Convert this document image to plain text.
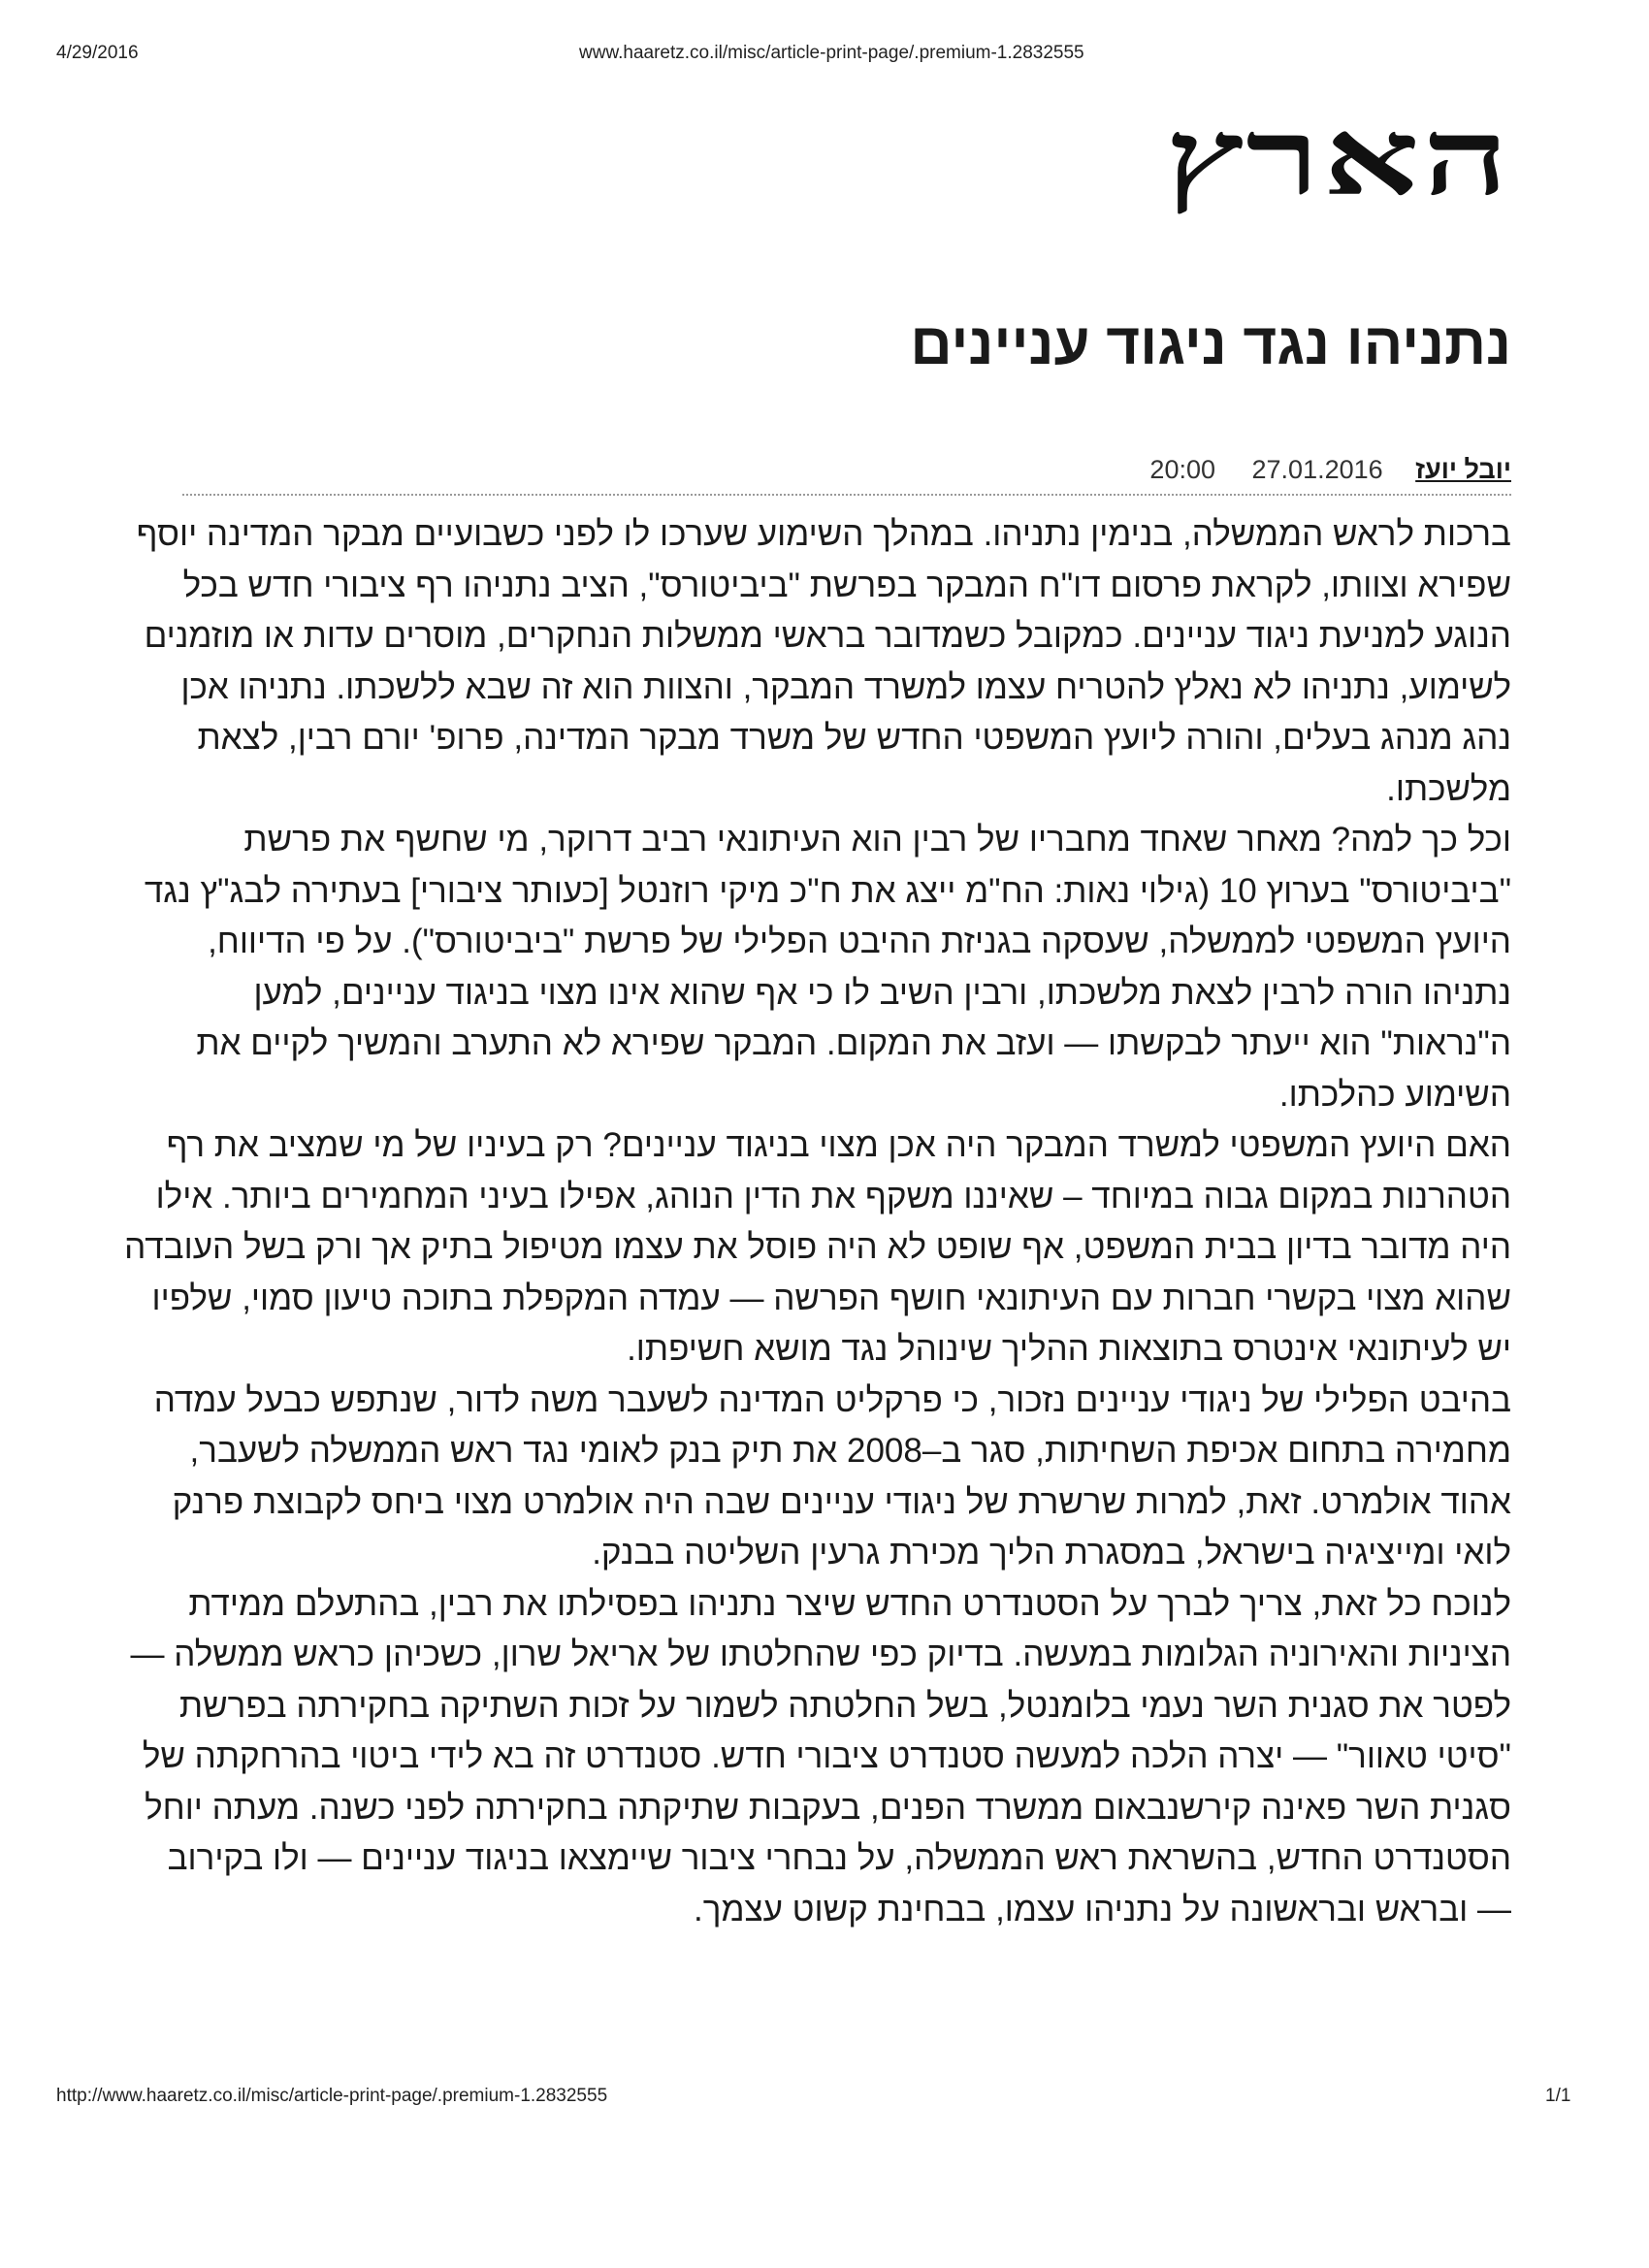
4/29/2016	www.haaretz.co.il/misc/article-print-page/.premium-1.2832555
הארץ
נתניהו נגד ניגוד עניינים
יובל יועז 27.01.2016 20:00

ברכות לראש הממשלה, בנימין נתניהו. במהלך השימוע שערכו לו לפני כשבועיים מבקר המדינה יוסף שפירא וצוותו, לקראת פרסום דו"ח המבקר בפרשת "ביביטורס", הציב נתניהו רף ציבורי חדש בכל הנוגע למניעת ניגוד עניינים. כמקובל כשמדובר בראשי ממשלות הנחקרים, מוסרים עדות או מוזמנים לשימוע, נתניהו לא נאלץ להטריח עצמו למשרד המבקר, והצוות הוא זה שבא ללשכתו. נתניהו אכן נהג מנהג בעלים, והורה ליועץ המשפטי החדש של משרד מבקר המדינה, פרופ' יורם רבין, לצאת מלשכתו.

וכל כך למה? מאחר שאחד מחבריו של רבין הוא העיתונאי רביב דרוקר, מי שחשף את פרשת "ביביטורס" בערוץ 10 (גילוי נאות: הח"מ ייצג את ח"כ מיקי רוזנטל [כעותר ציבורי] בעתירה לבג"ץ נגד היועץ המשפטי לממשלה, שעסקה בגניזת ההיבט הפלילי של פרשת "ביביטורס"). על פי הדיווח, נתניהו הורה לרבין לצאת מלשכתו, ורבין השיב לו כי אף שהוא אינו מצוי בניגוד עניינים, למען ה"נראות" הוא ייעתר לבקשתו — ועזב את המקום. המבקר שפירא לא התערב והמשיך לקיים את השימוע כהלכתו.

האם היועץ המשפטי למשרד המבקר היה אכן מצוי בניגוד עניינים? רק בעיניו של מי שמציב את רף הטהרנות במקום גבוה במיוחד – שאיננו משקף את הדין הנוהג, אפילו בעיני המחמירים ביותר. אילו היה מדובר בדיון בבית המשפט, אף שופט לא היה פוסל את עצמו מטיפול בתיק אך ורק בשל העובדה שהוא מצוי בקשרי חברות עם העיתונאי חושף הפרשה — עמדה המקפלת בתוכה טיעון סמוי, שלפיו יש לעיתונאי אינטרס בתוצאות ההליך שינוהל נגד מושא חשיפתו.

בהיבט הפלילי של ניגודי עניינים נזכור, כי פרקליט המדינה לשעבר משה לדור, שנתפש כבעל עמדה מחמירה בתחום אכיפת השחיתות, סגר ב–2008 את תיק בנק לאומי נגד ראש הממשלה לשעבר, אהוד אולמרט. זאת, למרות שרשרת של ניגודי עניינים שבה היה אולמרט מצוי ביחס לקבוצת פרנק לואי ומייציגיה בישראל, במסגרת הליך מכירת גרעין השליטה בבנק.

לנוכח כל זאת, צריך לברך על הסטנדרט החדש שיצר נתניהו בפסילתו את רבין, בהתעלם ממידת הציניות והאירוניה הגלומות במעשה. בדיוק כפי שהחלטתו של אריאל שרון, כשכיהן כראש ממשלה — לפטר את סגנית השר נעמי בלומנטל, בשל החלטתה לשמור על זכות השתיקה בחקירתה בפרשת "סיטי טאוור" — יצרה הלכה למעשה סטנדרט ציבורי חדש. סטנדרט זה בא לידי ביטוי בהרחקתה של סגנית השר פאינה קירשנבאום ממשרד הפנים, בעקבות שתיקתה בחקירתה לפני כשנה. מעתה יוחל הסטנדרט החדש, בהשראת ראש הממשלה, על נבחרי ציבור שיימצאו בניגוד עניינים — ולו בקירוב — ובראש ובראשונה על נתניהו עצמו, בבחינת קשוט עצמך.

http://www.haaretz.co.il/misc/article-print-page/.premium-1.2832555	1/1
